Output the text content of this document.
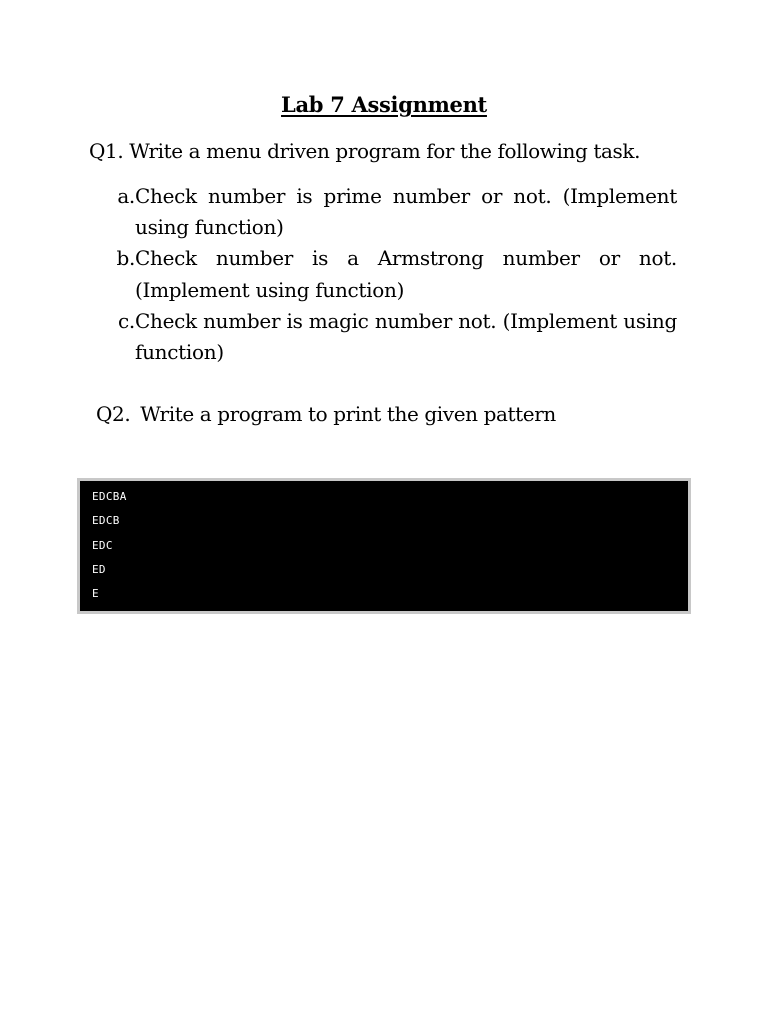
Lab 7 Assignment
Q1. Write a menu driven program for the following task.
a. Check number is prime number or not. (Implement using function)
b. Check number is a Armstrong number or not. (Implement using function)
c. Check number is magic number not. (Implement using function)
Q2. Write a program to print the given pattern
EDCBA
EDCB
EDC
ED
E
